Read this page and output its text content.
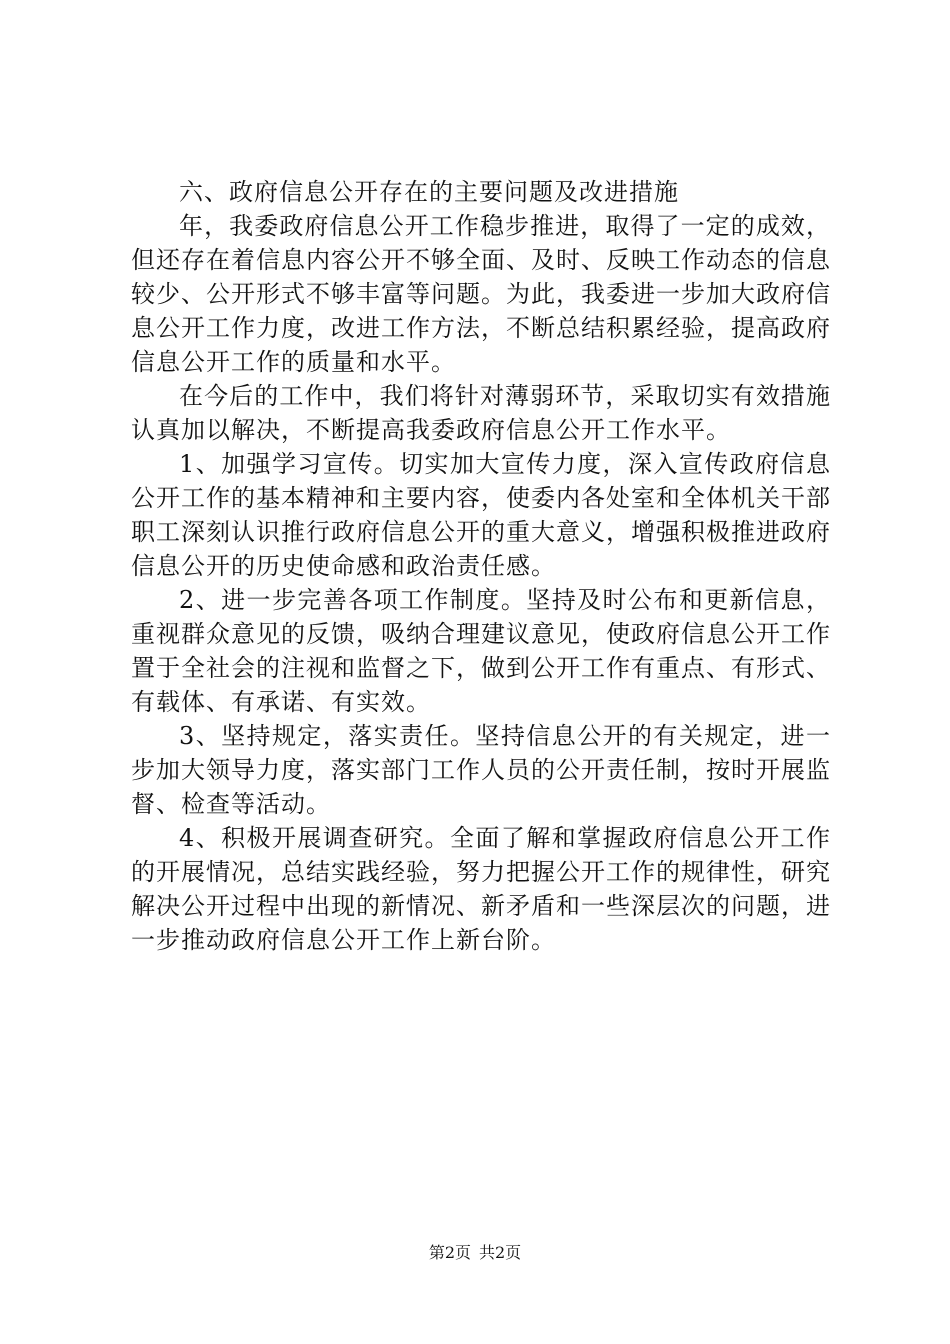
六、政府信息公开存在的主要问题及改进措施

年，我委政府信息公开工作稳步推进，取得了一定的成效，但还存在着信息内容公开不够全面、及时、反映工作动态的信息较少、公开形式不够丰富等问题。为此，我委进一步加大政府信息公开工作力度，改进工作方法，不断总结积累经验，提高政府信息公开工作的质量和水平。

在今后的工作中，我们将针对薄弱环节，采取切实有效措施认真加以解决，不断提高我委政府信息公开工作水平。

1、加强学习宣传。切实加大宣传力度，深入宣传政府信息公开工作的基本精神和主要内容，使委内各处室和全体机关干部职工深刻认识推行政府信息公开的重大意义，增强积极推进政府信息公开的历史使命感和政治责任感。

2、进一步完善各项工作制度。坚持及时公布和更新信息，重视群众意见的反馈，吸纳合理建议意见，使政府信息公开工作置于全社会的注视和监督之下，做到公开工作有重点、有形式、有载体、有承诺、有实效。

3、坚持规定，落实责任。坚持信息公开的有关规定，进一步加大领导力度，落实部门工作人员的公开责任制，按时开展监督、检查等活动。

4、积极开展调查研究。全面了解和掌握政府信息公开工作的开展情况，总结实践经验，努力把握公开工作的规律性，研究解决公开过程中出现的新情况、新矛盾和一些深层次的问题，进一步推动政府信息公开工作上新台阶。

第2页 共2页
